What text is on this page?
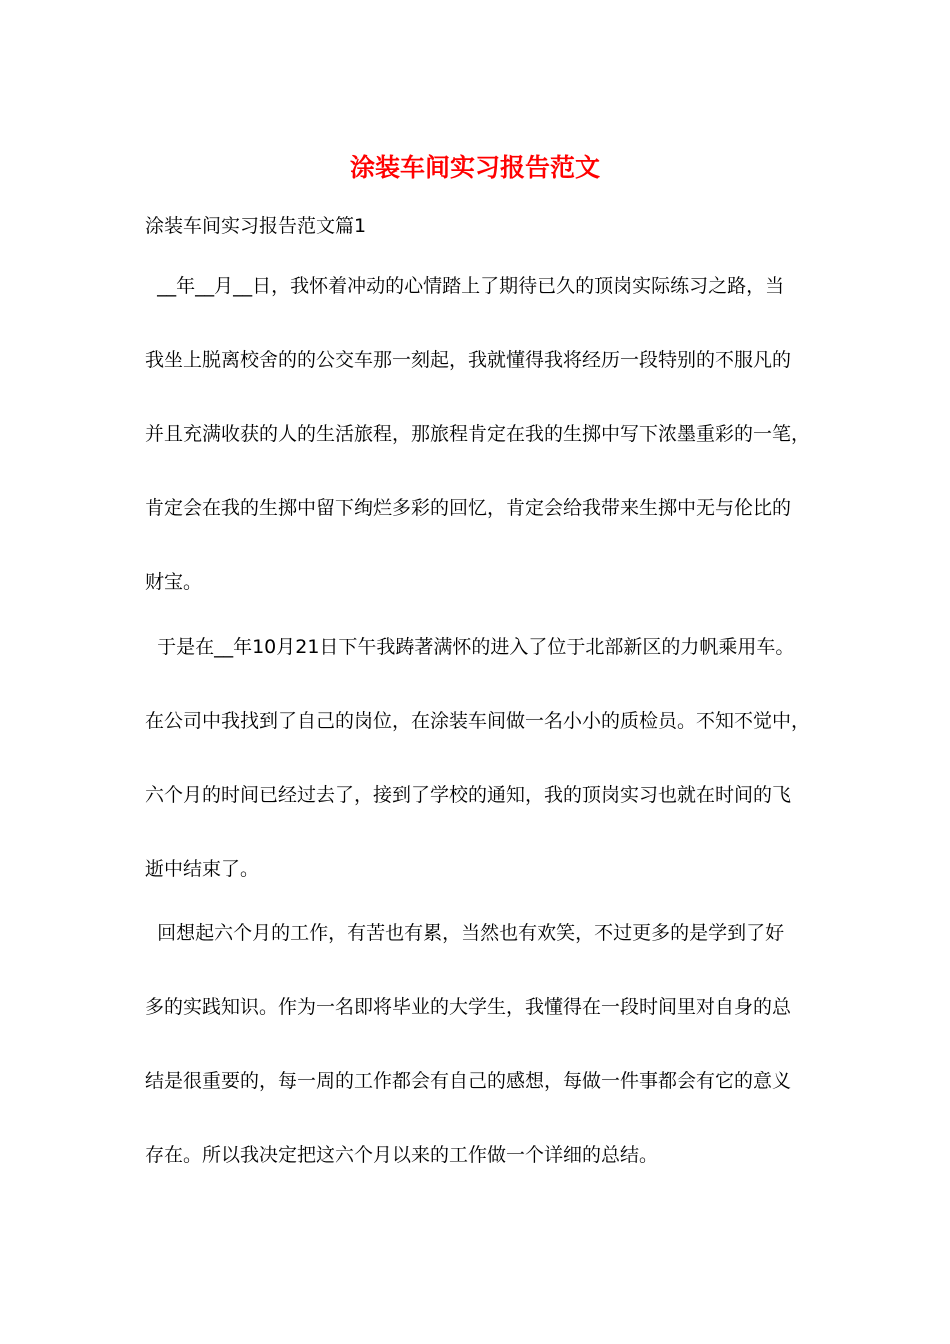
涂装车间实习报告范文
涂装车间实习报告范文篇1
__年__月__日，我怀着冲动的心情踏上了期待已久的顶岗实际练习之路，当
我坐上脱离校舍的的公交车那一刻起，我就懂得我将经历一段特别的不服凡的
并且充满收获的人的生活旅程，那旅程肯定在我的生掷中写下浓墨重彩的一笔，
肯定会在我的生掷中留下绚烂多彩的回忆，肯定会给我带来生掷中无与伦比的
财宝。
于是在__年10月21日下午我踌著满怀的进入了位于北部新区的力帆乘用车。
在公司中我找到了自己的岗位，在涂装车间做一名小小的质检员。不知不觉中，
六个月的时间已经过去了，接到了学校的通知，我的顶岗实习也就在时间的飞
逝中结束了。
回想起六个月的工作，有苦也有累，当然也有欢笑，不过更多的是学到了好
多的实践知识。作为一名即将毕业的大学生，我懂得在一段时间里对自身的总
结是很重要的，每一周的工作都会有自己的感想，每做一件事都会有它的意义
存在。所以我决定把这六个月以来的工作做一个详细的总结。
